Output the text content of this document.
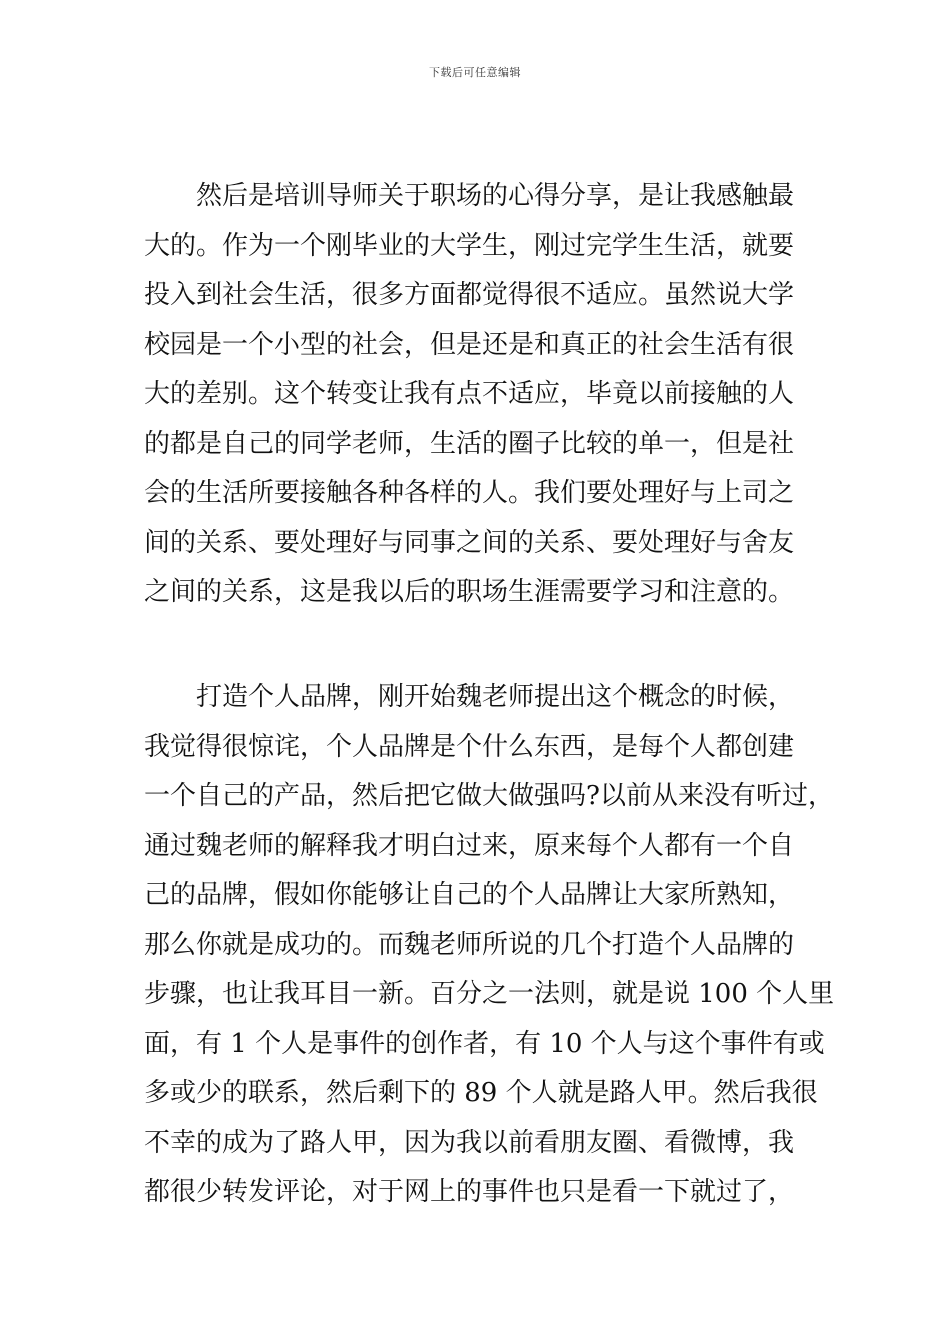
下载后可任意编辑
然后是培训导师关于职场的心得分享，是让我感触最
大的。作为一个刚毕业的大学生，刚过完学生生活，就要
投入到社会生活，很多方面都觉得很不适应。虽然说大学
校园是一个小型的社会，但是还是和真正的社会生活有很
大的差别。这个转变让我有点不适应，毕竟以前接触的人
的都是自己的同学老师，生活的圈子比较的单一，但是社
会的生活所要接触各种各样的人。我们要处理好与上司之
间的关系、要处理好与同事之间的关系、要处理好与舍友
之间的关系，这是我以后的职场生涯需要学习和注意的。
打造个人品牌，刚开始魏老师提出这个概念的时候，
我觉得很惊诧，个人品牌是个什么东西，是每个人都创建
一个自己的产品，然后把它做大做强吗?以前从来没有听过，
通过魏老师的解释我才明白过来，原来每个人都有一个自
己的品牌，假如你能够让自己的个人品牌让大家所熟知，
那么你就是成功的。而魏老师所说的几个打造个人品牌的
步骤，也让我耳目一新。百分之一法则，就是说 100 个人里
面，有 1 个人是事件的创作者，有 10 个人与这个事件有或
多或少的联系，然后剩下的 89 个人就是路人甲。然后我很
不幸的成为了路人甲，因为我以前看朋友圈、看微博，我
都很少转发评论，对于网上的事件也只是看一下就过了，
